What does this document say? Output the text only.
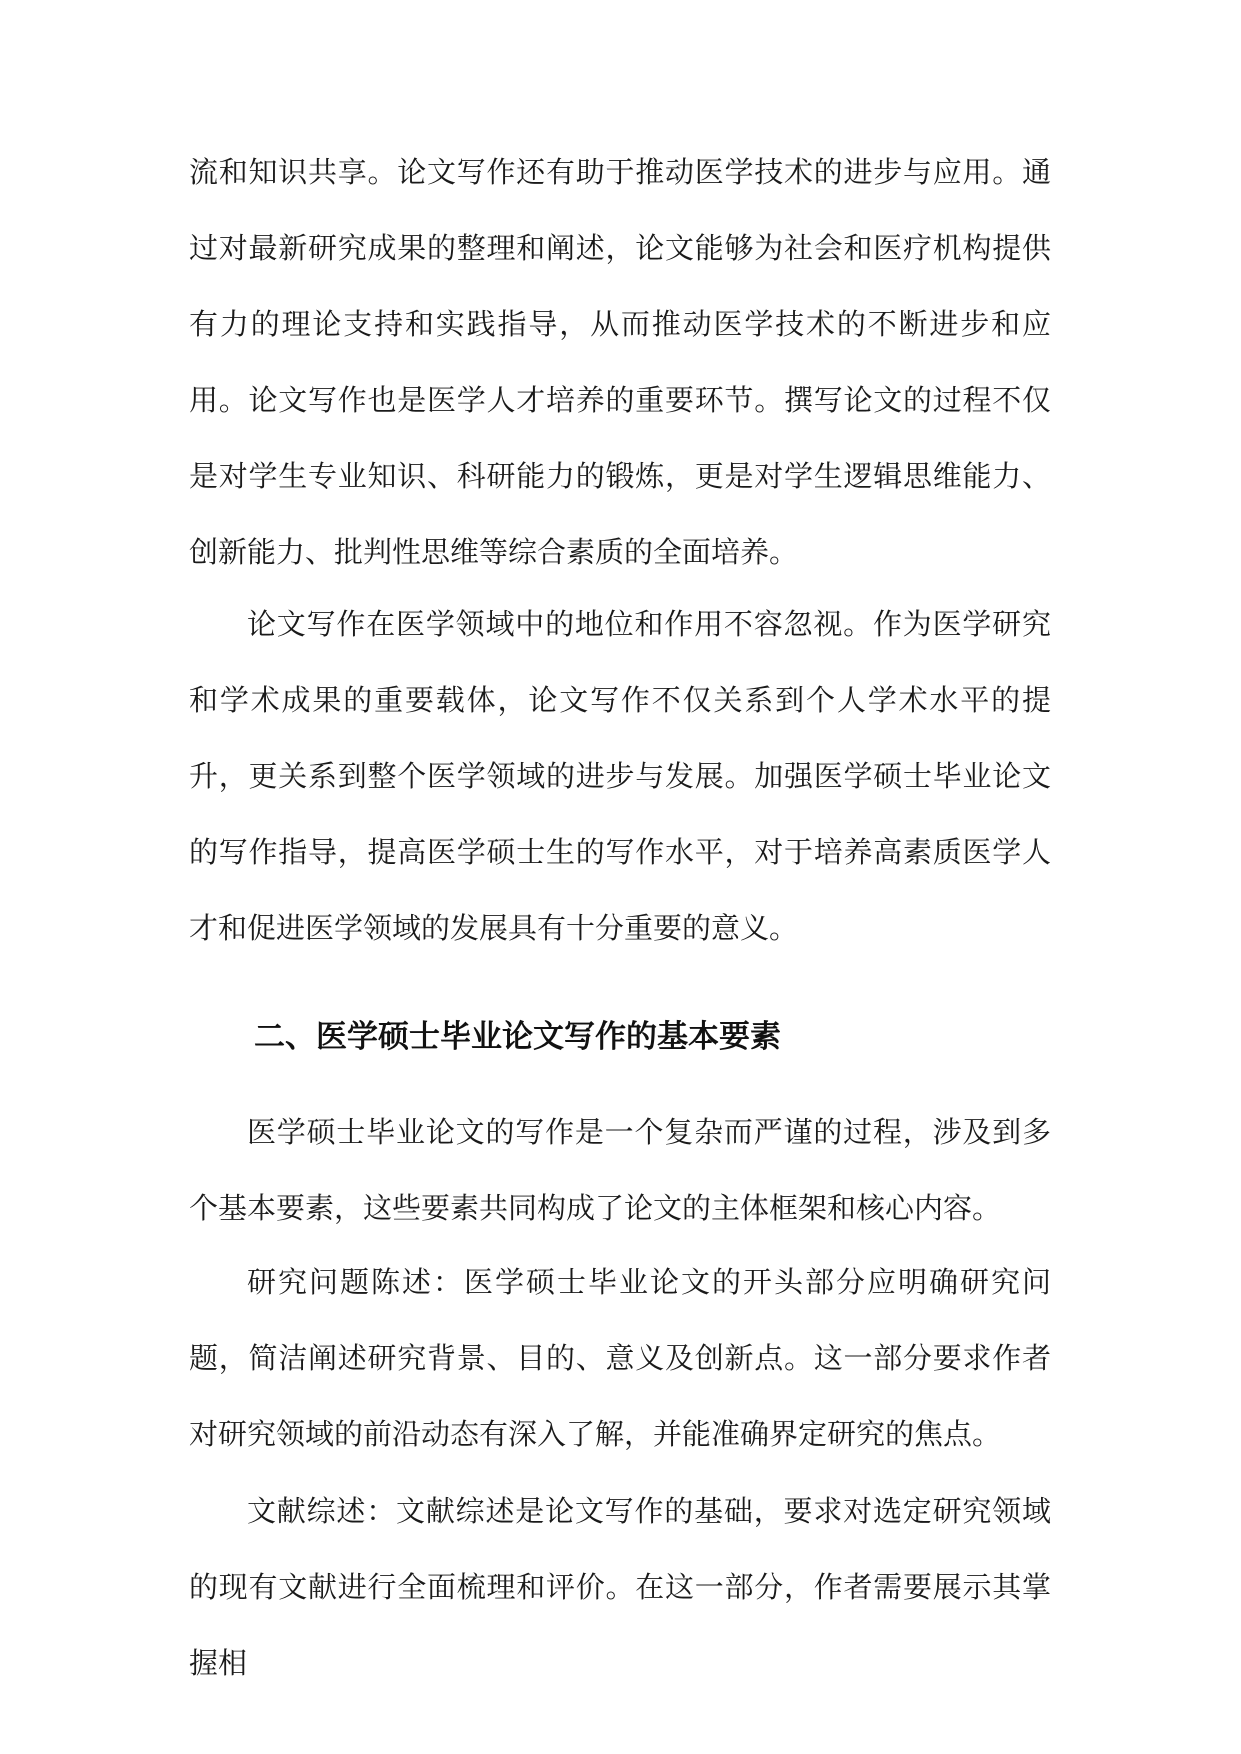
流和知识共享。论文写作还有助于推动医学技术的进步与应用。通过对最新研究成果的整理和阐述，论文能够为社会和医疗机构提供有力的理论支持和实践指导，从而推动医学技术的不断进步和应用。论文写作也是医学人才培养的重要环节。撰写论文的过程不仅是对学生专业知识、科研能力的锻炼，更是对学生逻辑思维能力、创新能力、批判性思维等综合素质的全面培养。

论文写作在医学领域中的地位和作用不容忽视。作为医学研究和学术成果的重要载体，论文写作不仅关系到个人学术水平的提升，更关系到整个医学领域的进步与发展。加强医学硕士毕业论文的写作指导，提高医学硕士生的写作水平，对于培养高素质医学人才和促进医学领域的发展具有十分重要的意义。

二、医学硕士毕业论文写作的基本要素

医学硕士毕业论文的写作是一个复杂而严谨的过程，涉及到多个基本要素，这些要素共同构成了论文的主体框架和核心内容。

研究问题陈述：医学硕士毕业论文的开头部分应明确研究问题，简洁阐述研究背景、目的、意义及创新点。这一部分要求作者对研究领域的前沿动态有深入了解，并能准确界定研究的焦点。

文献综述：文献综述是论文写作的基础，要求对选定研究领域的现有文献进行全面梳理和评价。在这一部分，作者需要展示其掌握相
